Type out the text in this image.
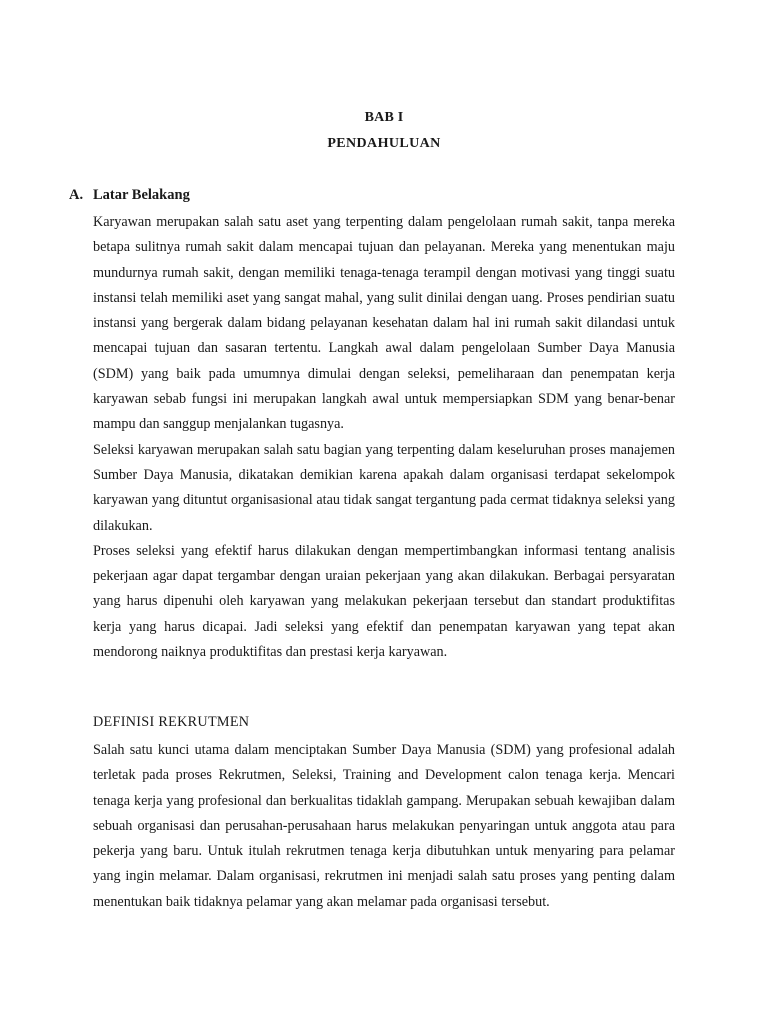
BAB I
PENDAHULUAN
A. Latar Belakang

Karyawan merupakan salah satu aset yang terpenting dalam pengelolaan rumah sakit, tanpa mereka betapa sulitnya rumah sakit dalam mencapai tujuan dan pelayanan. Mereka yang menentukan maju mundurnya rumah sakit, dengan memiliki tenaga-tenaga terampil dengan motivasi yang tinggi suatu instansi telah memiliki aset yang sangat mahal, yang sulit dinilai dengan uang. Proses pendirian suatu instansi yang bergerak dalam bidang pelayanan kesehatan dalam hal ini rumah sakit dilandasi untuk mencapai tujuan dan sasaran tertentu. Langkah awal dalam pengelolaan Sumber Daya Manusia (SDM) yang baik pada umumnya dimulai dengan seleksi, pemeliharaan dan penempatan kerja karyawan sebab fungsi ini merupakan langkah awal untuk mempersiapkan SDM yang benar-benar mampu dan sanggup menjalankan tugasnya.

Seleksi karyawan merupakan salah satu bagian yang terpenting dalam keseluruhan proses manajemen Sumber Daya Manusia, dikatakan demikian karena apakah dalam organisasi terdapat sekelompok karyawan yang dituntut organisasional atau tidak sangat tergantung pada cermat tidaknya seleksi yang dilakukan.

Proses seleksi yang efektif harus dilakukan dengan mempertimbangkan informasi tentang analisis pekerjaan agar dapat tergambar dengan uraian pekerjaan yang akan dilakukan. Berbagai persyaratan yang harus dipenuhi oleh karyawan yang melakukan pekerjaan tersebut dan standart produktifitas kerja yang harus dicapai. Jadi seleksi yang efektif dan penempatan karyawan yang tepat akan mendorong naiknya produktifitas dan prestasi kerja karyawan.

DEFINISI REKRUTMEN

Salah satu kunci utama dalam menciptakan Sumber Daya Manusia (SDM) yang profesional adalah terletak pada proses Rekrutmen, Seleksi, Training and Development calon tenaga kerja. Mencari tenaga kerja yang profesional dan berkualitas tidaklah gampang. Merupakan sebuah kewajiban dalam sebuah organisasi dan perusahan-perusahaan harus melakukan penyaringan untuk anggota atau para pekerja yang baru. Untuk itulah rekrutmen tenaga kerja dibutuhkan untuk menyaring para pelamar yang ingin melamar. Dalam organisasi, rekrutmen ini menjadi salah satu proses yang penting dalam menentukan baik tidaknya pelamar yang akan melamar pada organisasi tersebut.
